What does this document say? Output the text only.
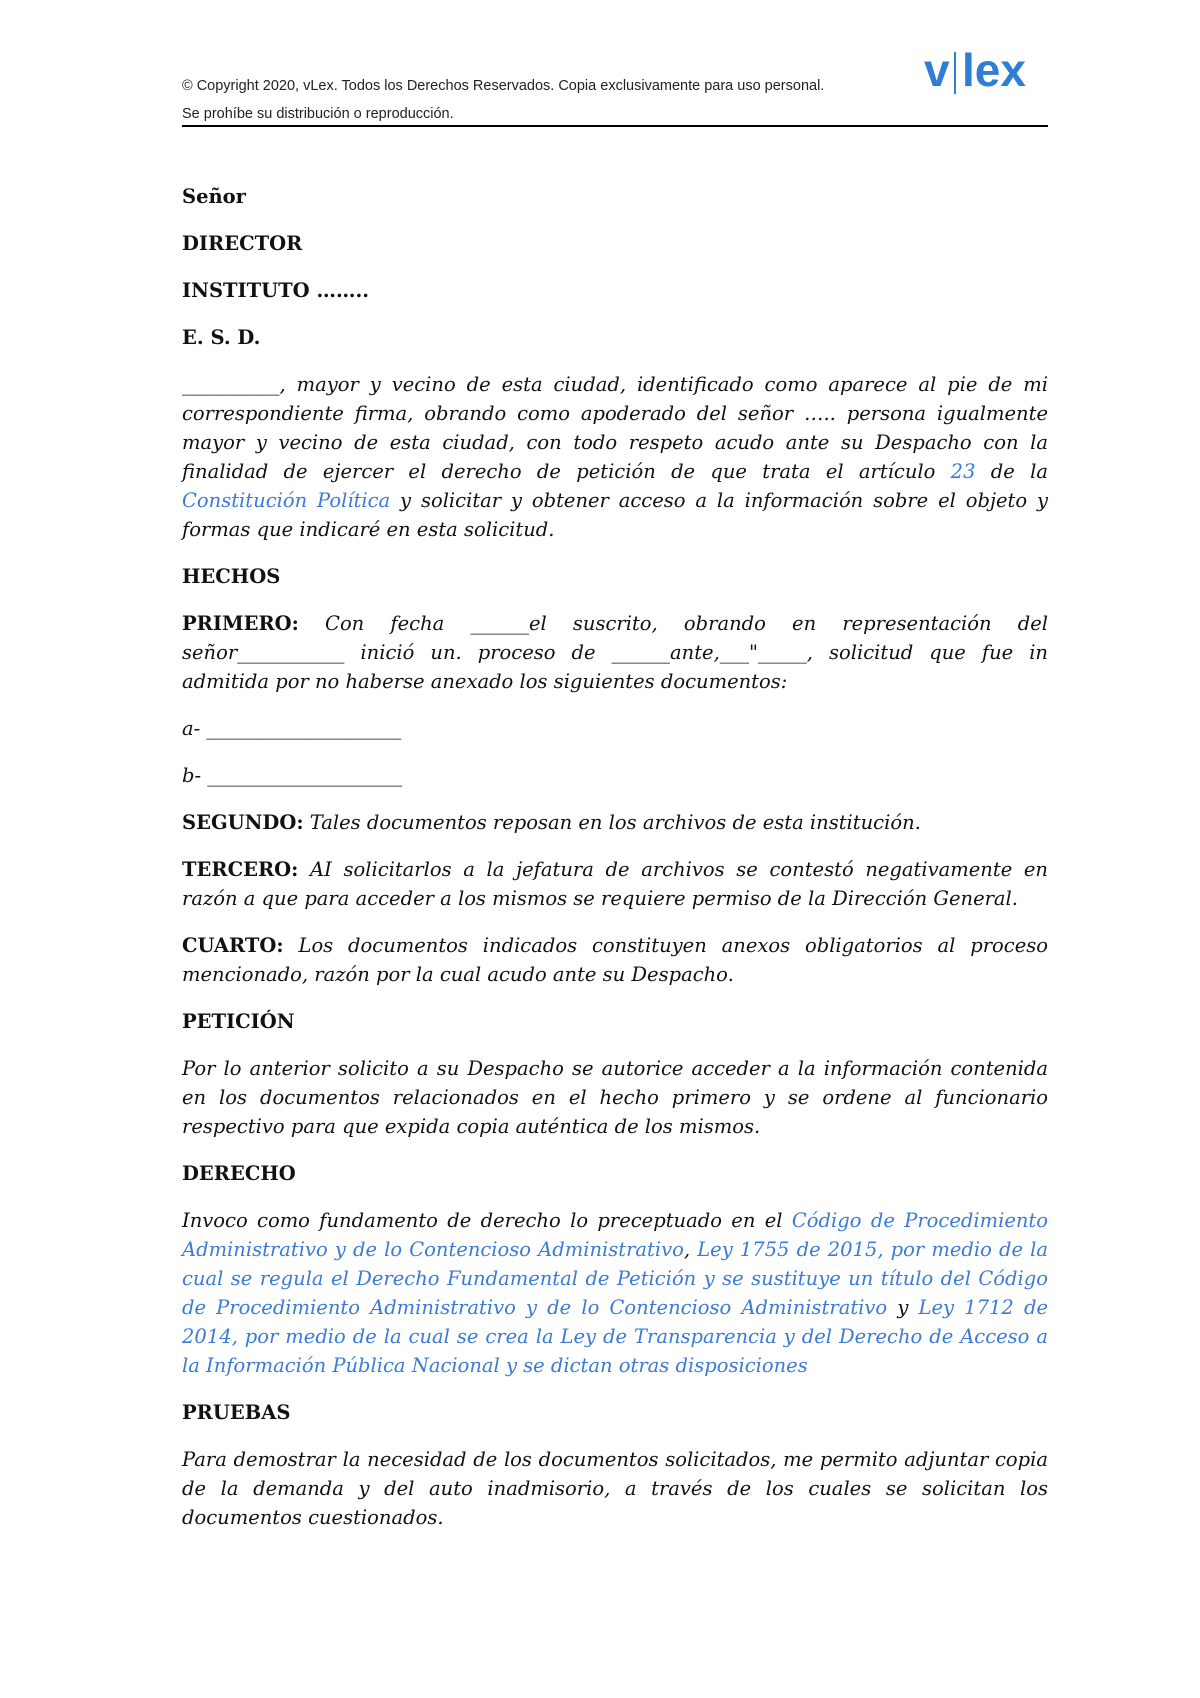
© Copyright 2020, vLex. Todos los Derechos Reservados. Copia exclusivamente para uso personal.
Se prohíbe su distribución o reproducción.
v lex
Señor
DIRECTOR
INSTITUTO ……..
E. S. D.
__________, mayor y vecino de esta ciudad, identificado como aparece al pie de mi correspondiente firma, obrando como apoderado del señor ….. persona igualmente mayor y vecino de esta ciudad, con todo respeto acudo ante su Despacho con la finalidad de ejercer el derecho de petición de que trata el artículo 23 de la Constitución Política y solicitar y obtener acceso a la información sobre el objeto y formas que indicaré en esta solicitud.
HECHOS
PRIMERO: Con fecha ______el suscrito, obrando en representación del señor___________ inició un. proceso de ______ante,___"_____, solicitud que fue in admitida por no haberse anexado los siguientes documentos:
a- ____________________
b- ____________________
SEGUNDO: Tales documentos reposan en los archivos de esta institución.
TERCERO: AI solicitarlos a la jefatura de archivos se contestó negativamente en razón a que para acceder a los mismos se requiere permiso de la Dirección General.
CUARTO: Los documentos indicados constituyen anexos obligatorios al proceso mencionado, razón por la cual acudo ante su Despacho.
PETICIÓN
Por lo anterior solicito a su Despacho se autorice acceder a la información contenida en los documentos relacionados en el hecho primero y se ordene al funcionario respectivo para que expida copia auténtica de los mismos.
DERECHO
Invoco como fundamento de derecho lo preceptuado en el Código de Procedimiento Administrativo y de lo Contencioso Administrativo, Ley 1755 de 2015, por medio de la cual se regula el Derecho Fundamental de Petición y se sustituye un título del Código de Procedimiento Administrativo y de lo Contencioso Administrativo y Ley 1712 de 2014, por medio de la cual se crea la Ley de Transparencia y del Derecho de Acceso a la Información Pública Nacional y se dictan otras disposiciones
PRUEBAS
Para demostrar la necesidad de los documentos solicitados, me permito adjuntar copia de la demanda y del auto inadmisorio, a través de los cuales se solicitan los documentos cuestionados.
